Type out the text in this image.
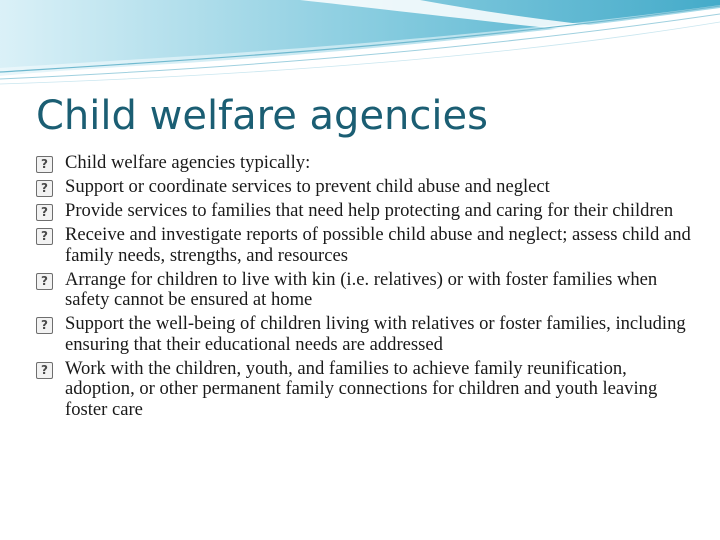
Child welfare agencies
? Child welfare agencies typically:
? Support or coordinate services to prevent child abuse and neglect
? Provide services to families that need help protecting and caring for their children
? Receive and investigate reports of possible child abuse and neglect; assess child and family needs, strengths, and resources
? Arrange for children to live with kin (i.e. relatives) or with foster families when safety cannot be ensured at home
? Support the well-being of children living with relatives or foster families, including ensuring that their educational needs are addressed
? Work with the children, youth, and families to achieve family reunification, adoption, or other permanent family connections for children and youth leaving foster care
